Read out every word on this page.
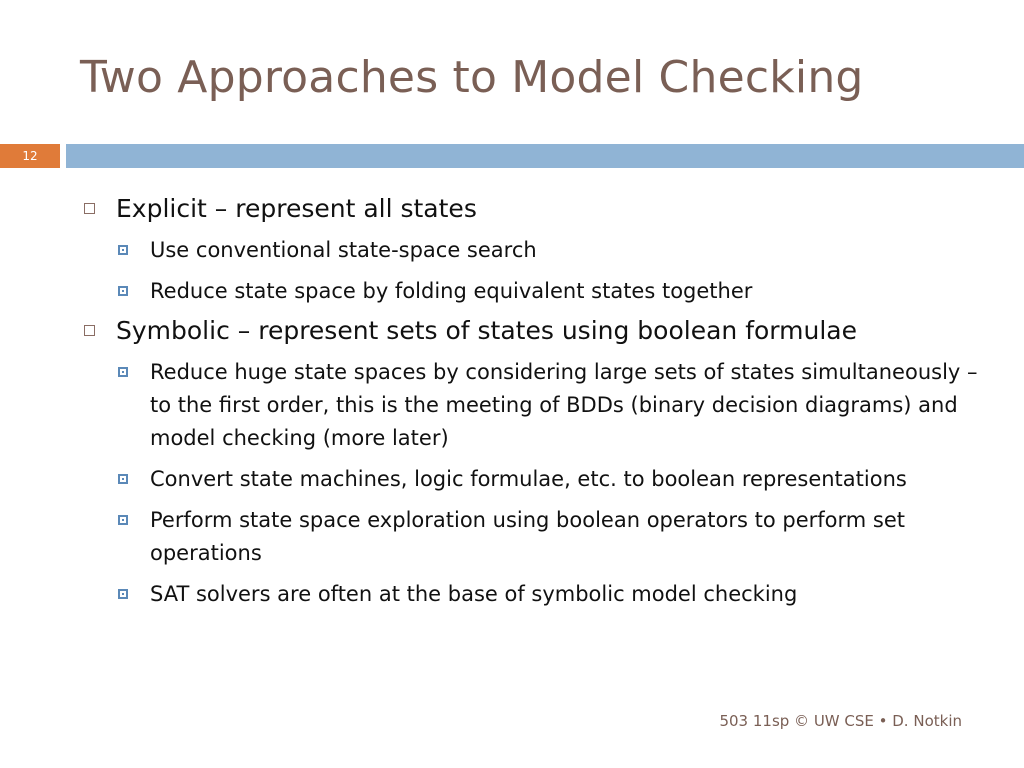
Two Approaches to Model Checking
12
Explicit – represent all states
Use conventional state-space search
Reduce state space by folding equivalent states together
Symbolic – represent sets of states using boolean formulae
Reduce huge state spaces by considering large sets of states simultaneously – to the first order, this is the meeting of BDDs (binary decision diagrams) and model checking (more later)
Convert state machines, logic formulae, etc. to boolean representations
Perform state space exploration using boolean operators to perform set operations
SAT solvers are often at the base of symbolic model checking
503 11sp © UW CSE • D. Notkin
